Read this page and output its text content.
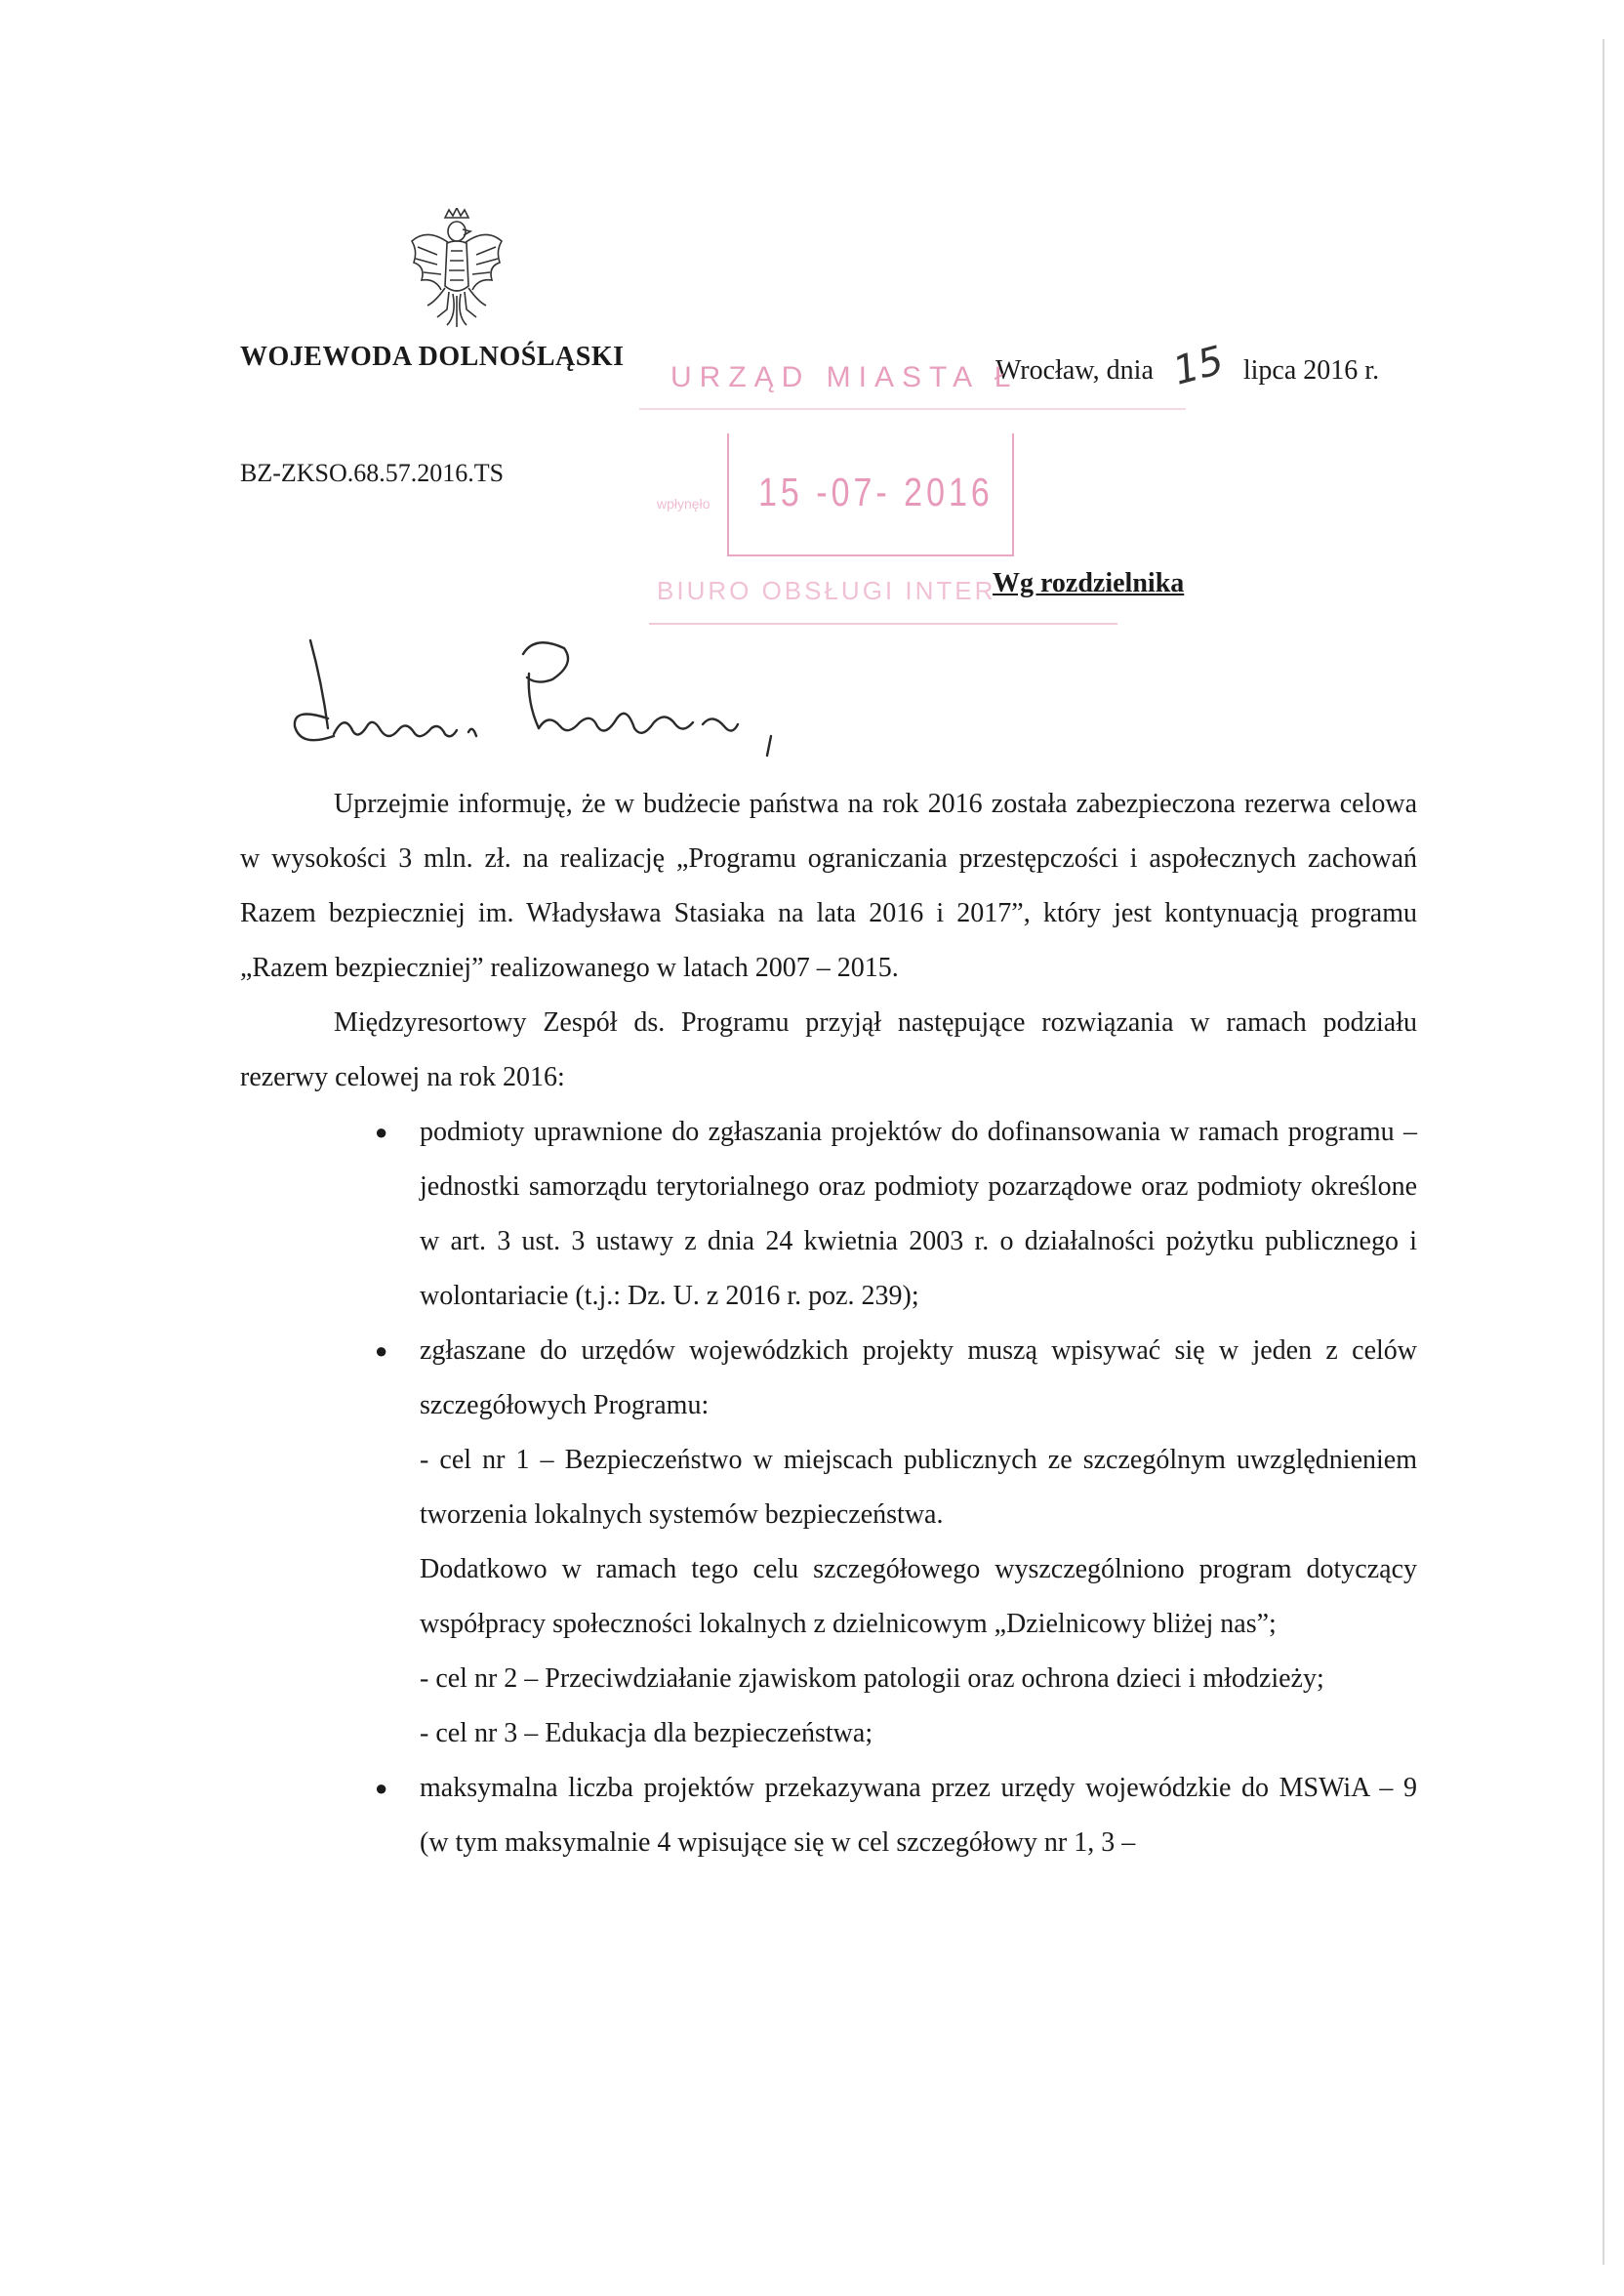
WOJEWODA DOLNOŚLĄSKI	Wrocław, dnia 15 lipca 2016 r.
BZ-ZKSO.68.57.2016.TS
URZĄD MIASTA Ł
wpłynęło 15 -07- 2016
BIURO OBSŁUGI INTER
Wg rozdzielnika

Uprzejmie informuję, że w budżecie państwa na rok 2016 została zabezpieczona rezerwa celowa w wysokości 3 mln. zł. na realizację „Programu ograniczania przestępczości i aspołecznych zachowań Razem bezpieczniej im. Władysława Stasiaka na lata 2016 i 2017”, który jest kontynuacją programu „Razem bezpieczniej” realizowanego w latach 2007 – 2015.

Międzyresortowy Zespół ds. Programu przyjął następujące rozwiązania w ramach podziału rezerwy celowej na rok 2016:

● podmioty uprawnione do zgłaszania projektów do dofinansowania w ramach programu – jednostki samorządu terytorialnego oraz podmioty pozarządowe oraz podmioty określone w art. 3 ust. 3 ustawy z dnia 24 kwietnia 2003 r. o działalności pożytku publicznego i wolontariacie (t.j.: Dz. U. z 2016 r. poz. 239);
● zgłaszane do urzędów wojewódzkich projekty muszą wpisywać się w jeden z celów szczegółowych Programu:
- cel nr 1 – Bezpieczeństwo w miejscach publicznych ze szczególnym uwzględnieniem tworzenia lokalnych systemów bezpieczeństwa.
Dodatkowo w ramach tego celu szczegółowego wyszczególniono program dotyczący współpracy społeczności lokalnych z dzielnicowym „Dzielnicowy bliżej nas”;
- cel nr 2 – Przeciwdziałanie zjawiskom patologii oraz ochrona dzieci i młodzieży;
- cel nr 3 – Edukacja dla bezpieczeństwa;
● maksymalna liczba projektów przekazywana przez urzędy wojewódzkie do MSWiA – 9 (w tym maksymalnie 4 wpisujące się w cel szczegółowy nr 1, 3 –
